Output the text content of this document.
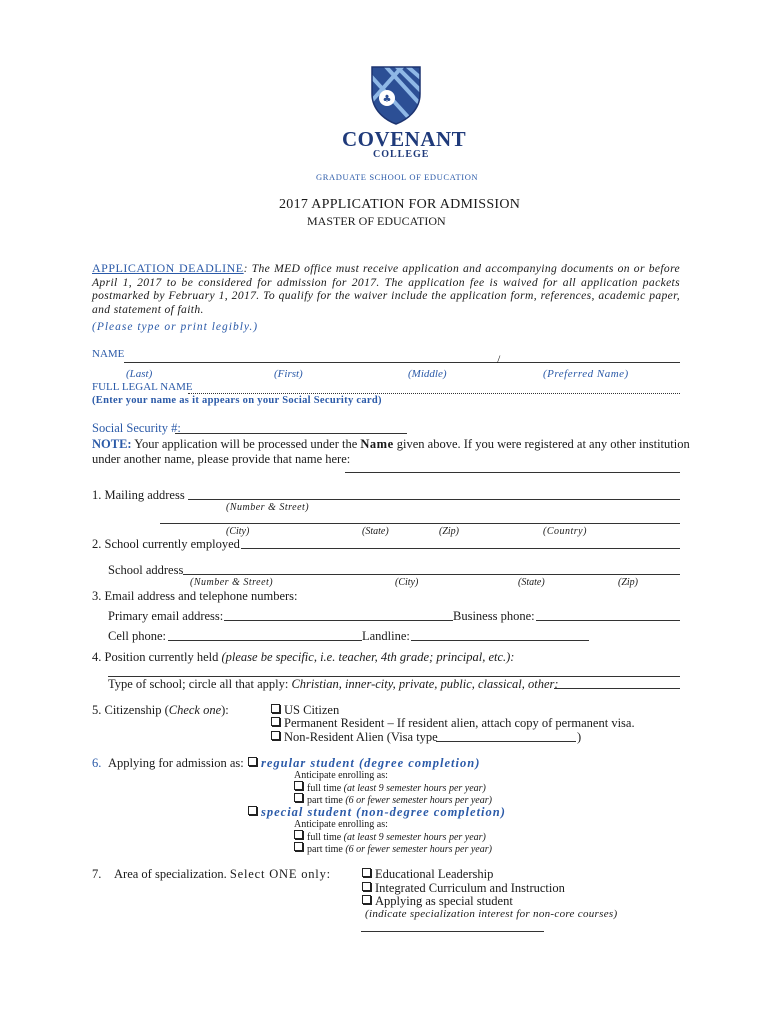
♣
COVENANT
COLLEGE
GRADUATE SCHOOL OF EDUCATION
2017 APPLICATION FOR ADMISSION
MASTER OF EDUCATION
APPLICATION DEADLINE: The MED office must receive application and accompanying documents on or before April 1, 2017 to be considered for admission for 2017. The application fee is waived for all application packets postmarked by February 1, 2017. To qualify for the waiver include the application form, references, academic paper, and statement of faith.
(Please type or print legibly.)
NAME	/
(Last)	(First)	(Middle)	(Preferred Name)
FULL LEGAL NAME
(Enter your name as it appears on your Social Security card)
Social Security #:
NOTE: Your application will be processed under the Name given above. If you were registered at any other institution
under another name, please provide that name here:
1. Mailing address
(Number & Street)
(City)	(State)	(Zip)	(Country)
2. School currently employed
School address
(Number & Street)	(City)	(State)	(Zip)
3. Email address and telephone numbers:
Primary email address:	Business phone:
Cell phone:	Landline:
4. Position currently held (please be specific, i.e. teacher, 4th grade; principal, etc.):
Type of school; circle all that apply: Christian, inner-city, private, public, classical, other:
5. Citizenship (Check one):	US Citizen
Permanent Resident – If resident alien, attach copy of permanent visa.
Non-Resident Alien (Visa type	)
6. Applying for admission as:	regular student (degree completion)
Anticipate enrolling as:
full time (at least 9 semester hours per year)
part time (6 or fewer semester hours per year)
special student (non-degree completion)
Anticipate enrolling as:
full time (at least 9 semester hours per year)
part time (6 or fewer semester hours per year)
7. Area of specialization. Select ONE only:	Educational Leadership
Integrated Curriculum and Instruction
Applying as special student
(indicate specialization interest for non-core courses)
